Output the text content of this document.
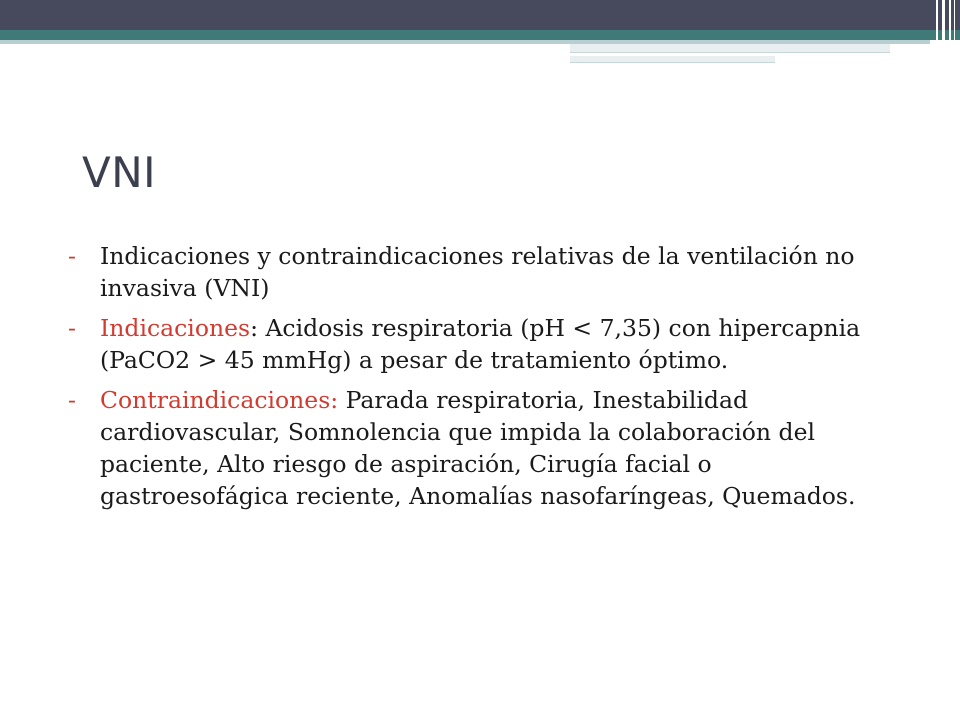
VNI
- Indicaciones y contraindicaciones relativas de la ventilación no invasiva (VNI)
- Indicaciones: Acidosis respiratoria (pH < 7,35) con hipercapnia (PaCO2 > 45 mmHg) a pesar de tratamiento óptimo.
- Contraindicaciones: Parada respiratoria, Inestabilidad cardiovascular, Somnolencia que impida la colaboración del paciente, Alto riesgo de aspiración, Cirugía facial o gastroesofágica reciente, Anomalías nasofaríngeas, Quemados.
